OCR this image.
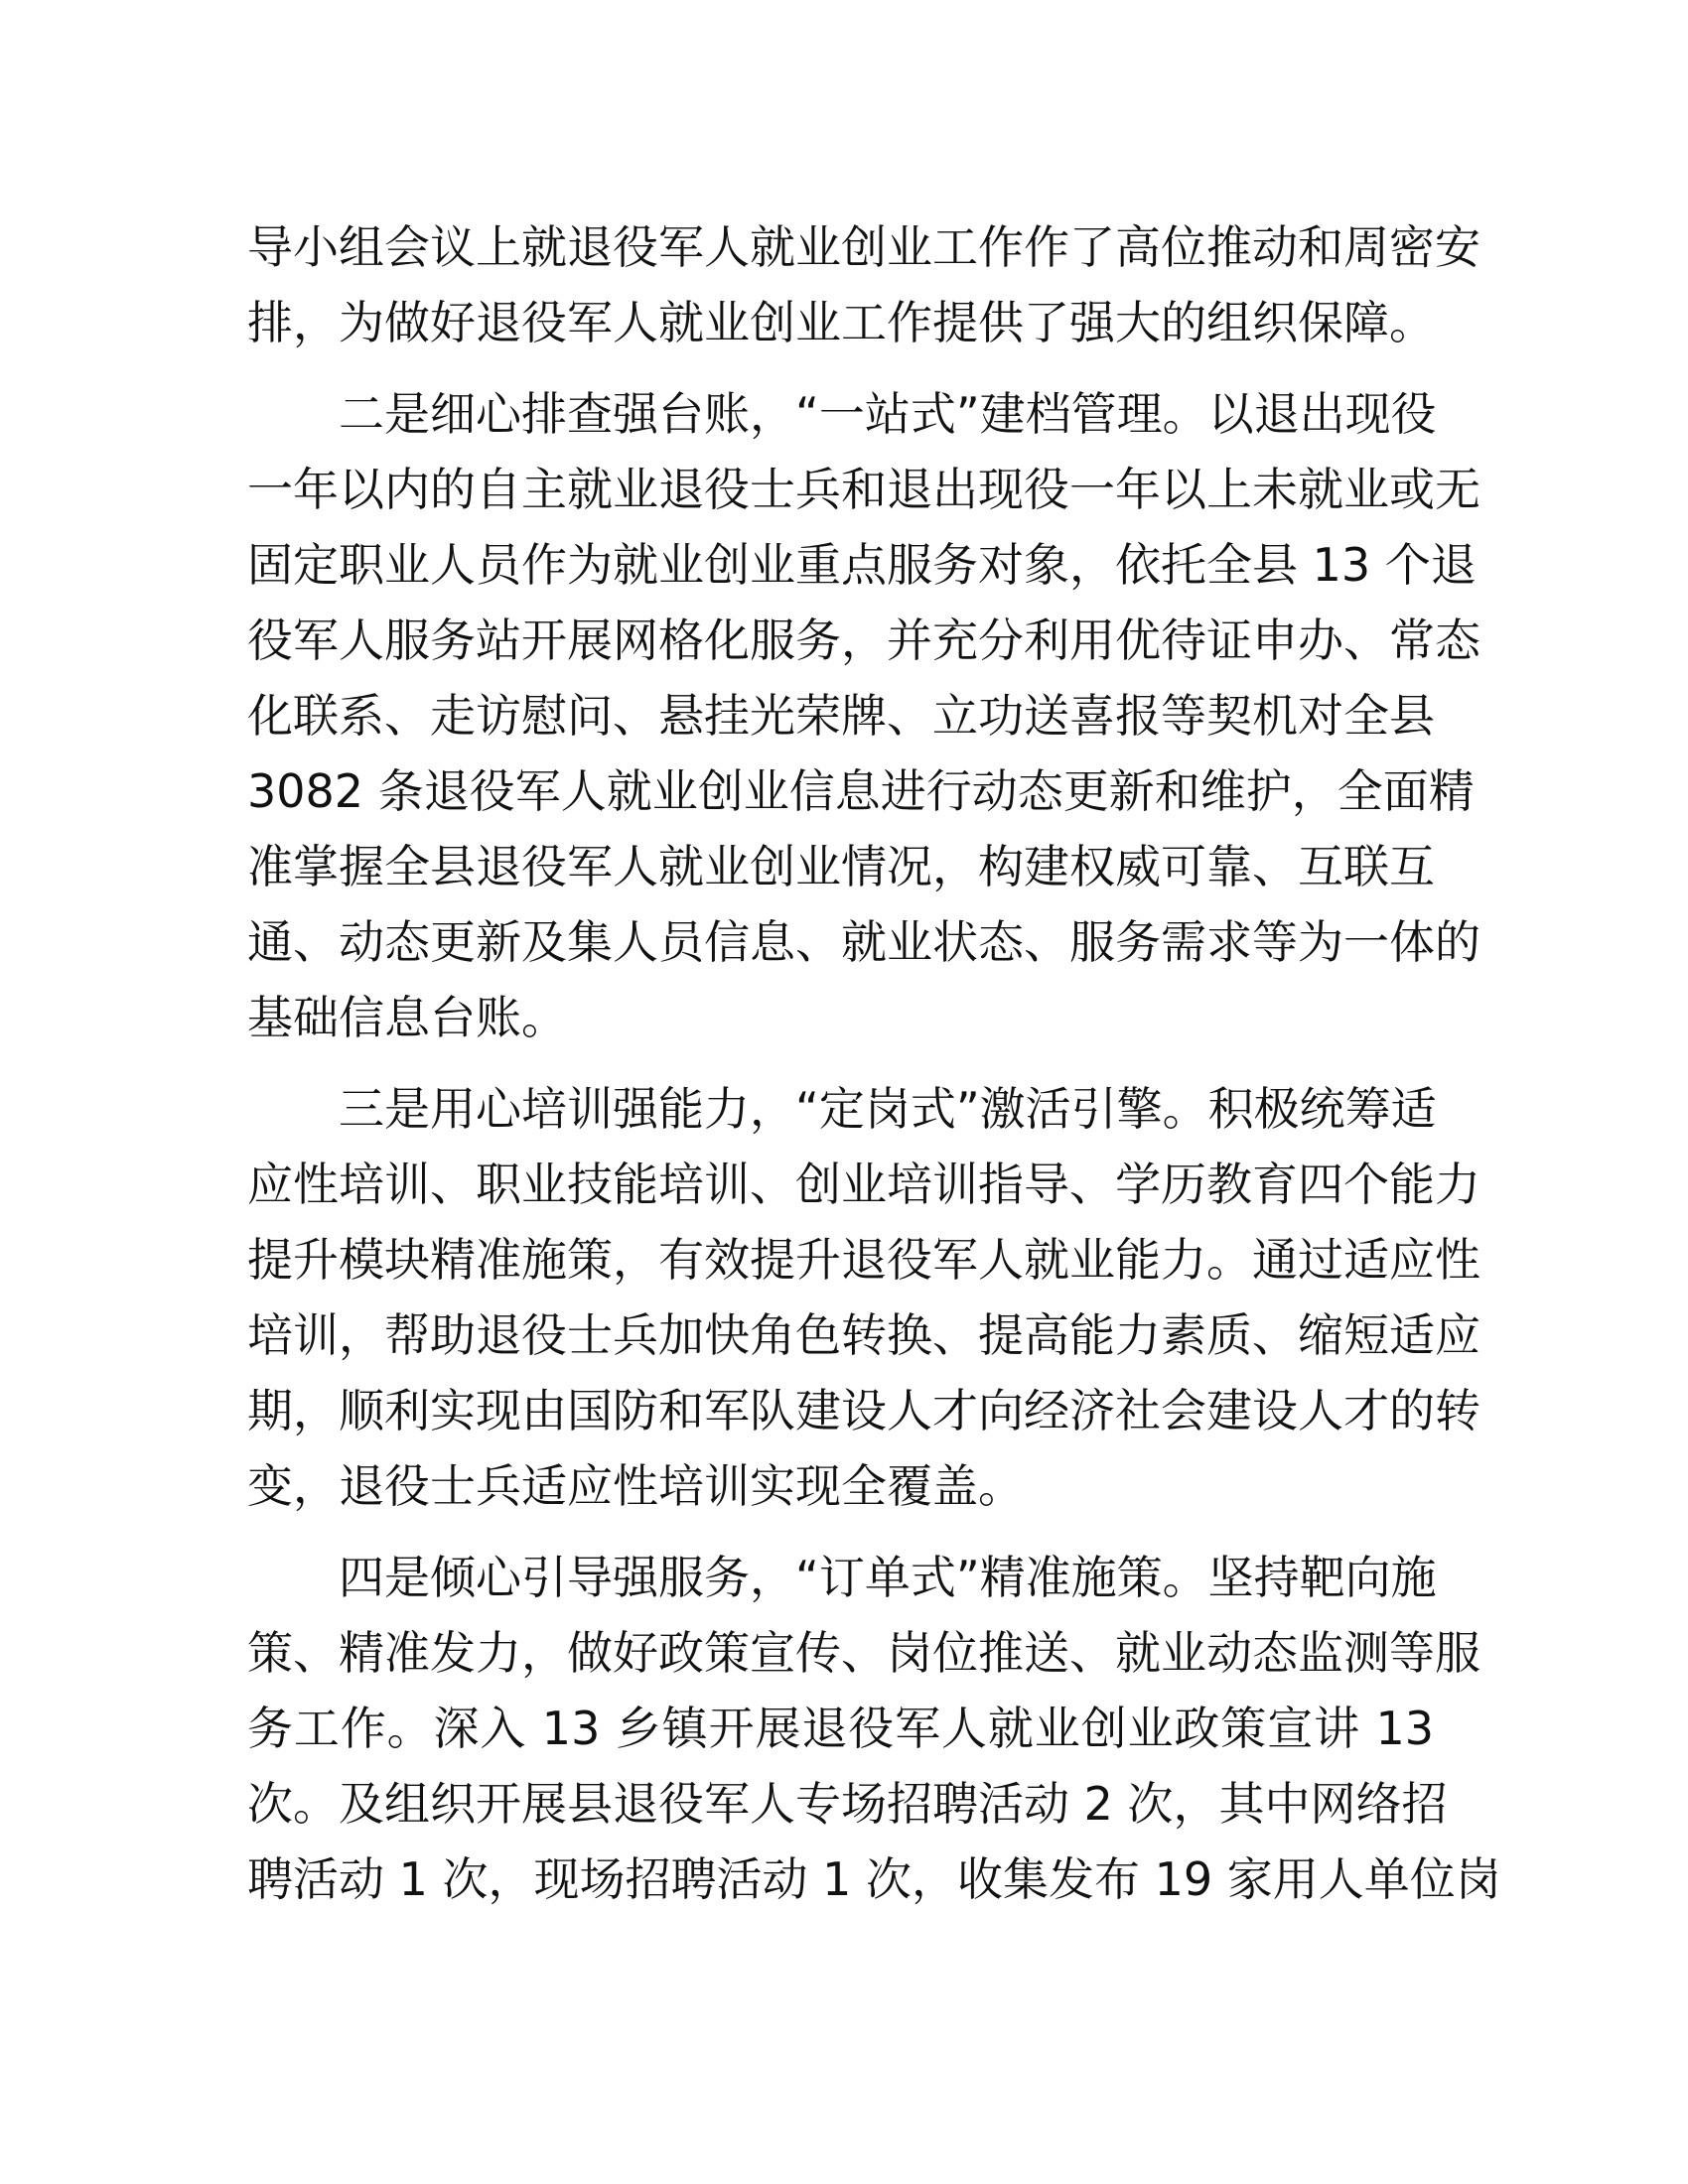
导小组会议上就退役军人就业创业工作作了高位推动和周密安
排，为做好退役军人就业创业工作提供了强大的组织保障。
二是细心排查强台账，“一站式”建档管理。以退出现役
一年以内的自主就业退役士兵和退出现役一年以上未就业或无
固定职业人员作为就业创业重点服务对象，依托全县 13 个退
役军人服务站开展网格化服务，并充分利用优待证申办、常态
化联系、走访慰问、悬挂光荣牌、立功送喜报等契机对全县
3082 条退役军人就业创业信息进行动态更新和维护，全面精
准掌握全县退役军人就业创业情况，构建权威可靠、互联互
通、动态更新及集人员信息、就业状态、服务需求等为一体的
基础信息台账。
三是用心培训强能力，“定岗式”激活引擎。积极统筹适
应性培训、职业技能培训、创业培训指导、学历教育四个能力
提升模块精准施策，有效提升退役军人就业能力。通过适应性
培训，帮助退役士兵加快角色转换、提高能力素质、缩短适应
期，顺利实现由国防和军队建设人才向经济社会建设人才的转
变，退役士兵适应性培训实现全覆盖。
四是倾心引导强服务，“订单式”精准施策。坚持靶向施
策、精准发力，做好政策宣传、岗位推送、就业动态监测等服
务工作。深入 13 乡镇开展退役军人就业创业政策宣讲 13
次。及组织开展县退役军人专场招聘活动 2 次，其中网络招
聘活动 1 次，现场招聘活动 1 次，收集发布 19 家用人单位岗
